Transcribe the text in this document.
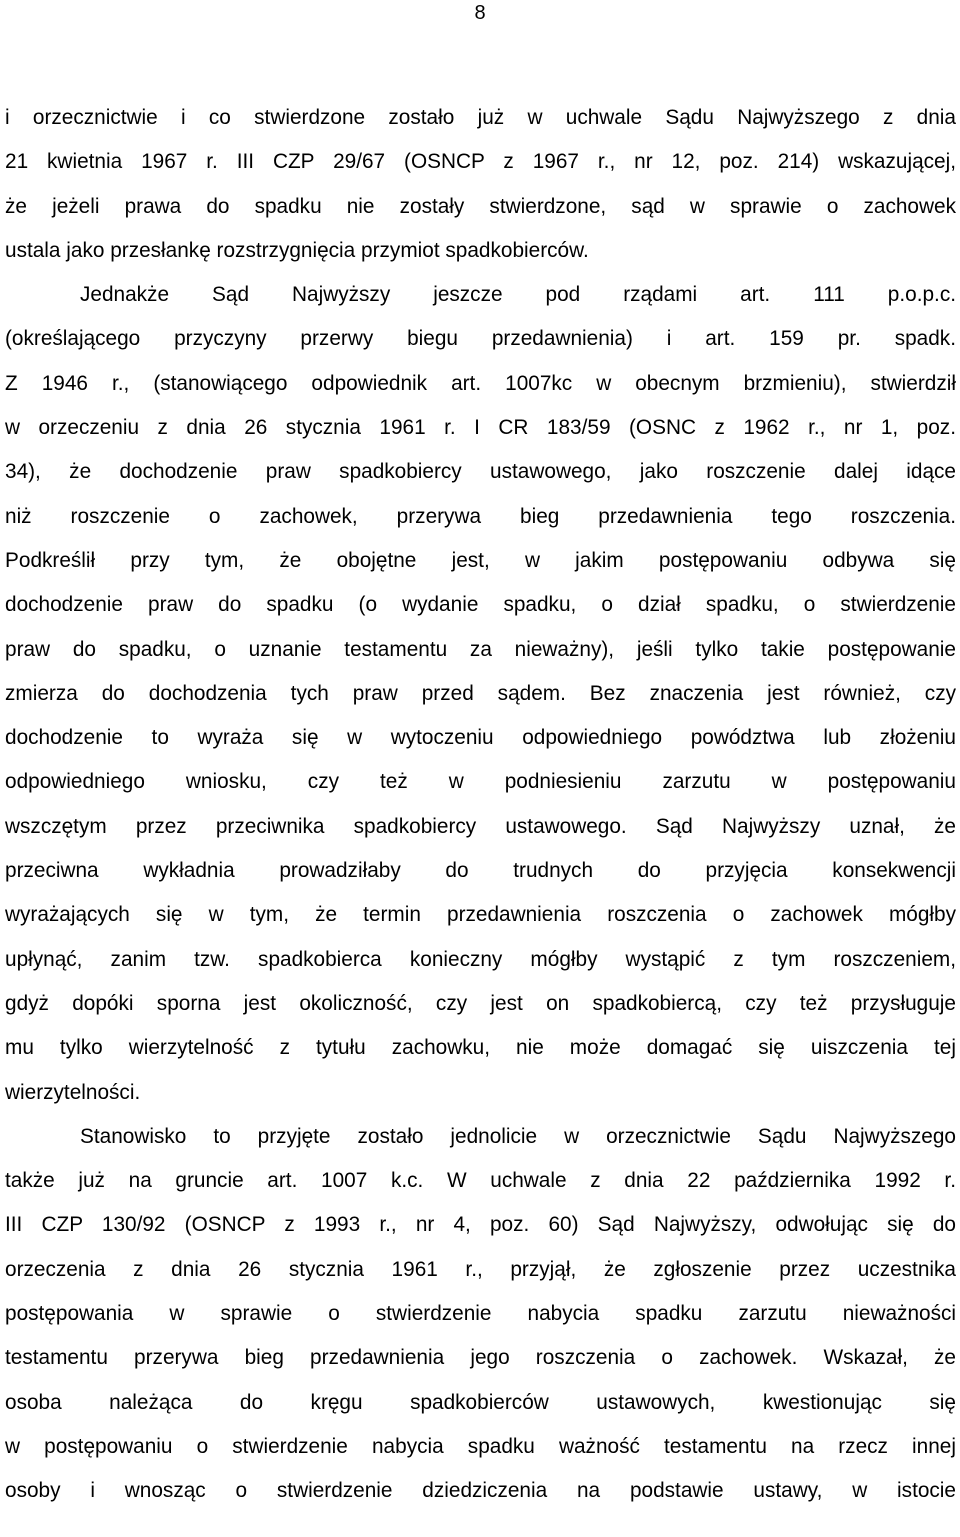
8
i orzecznictwie i co stwierdzone zostało już w uchwale Sądu Najwyższego z dnia
21 kwietnia 1967 r. III CZP 29/67 (OSNCP z 1967 r., nr 12, poz. 214) wskazującej,
że jeżeli prawa do spadku nie zostały stwierdzone, sąd w sprawie o zachowek
ustala jako przesłankę rozstrzygnięcia przymiot spadkobierców.
Jednakże Sąd Najwyższy jeszcze pod rządami art. 111 p.o.p.c.
(określającego przyczyny przerwy biegu przedawnienia) i art. 159 pr. spadk.
Z 1946 r., (stanowiącego odpowiednik art. 1007kc w obecnym brzmieniu), stwierdził
w orzeczeniu z dnia 26 stycznia 1961 r. I CR 183/59 (OSNC z 1962 r., nr 1, poz.
34), że dochodzenie praw spadkobiercy ustawowego, jako roszczenie dalej idące
niż roszczenie o zachowek, przerywa bieg przedawnienia tego roszczenia.
Podkreślił przy tym, że obojętne jest, w jakim postępowaniu odbywa się
dochodzenie praw do spadku (o wydanie spadku, o dział spadku, o stwierdzenie
praw do spadku, o uznanie testamentu za nieważny), jeśli tylko takie postępowanie
zmierza do dochodzenia tych praw przed sądem. Bez znaczenia jest również, czy
dochodzenie to wyraża się w wytoczeniu odpowiedniego powództwa lub złożeniu
odpowiedniego wniosku, czy też w podniesieniu zarzutu w postępowaniu
wszczętym przez przeciwnika spadkobiercy ustawowego. Sąd Najwyższy uznał, że
przeciwna wykładnia prowadziłaby do trudnych do przyjęcia konsekwencji
wyrażających się w tym, że termin przedawnienia roszczenia o zachowek mógłby
upłynąć, zanim tzw. spadkobierca konieczny mógłby wystąpić z tym roszczeniem,
gdyż dopóki sporna jest okoliczność, czy jest on spadkobiercą, czy też przysługuje
mu tylko wierzytelność z tytułu zachowku, nie może domagać się uiszczenia tej
wierzytelności.
Stanowisko to przyjęte zostało jednolicie w orzecznictwie Sądu Najwyższego
także już na gruncie art. 1007 k.c. W uchwale z dnia 22 października 1992 r.
III CZP 130/92 (OSNCP z 1993 r., nr 4, poz. 60) Sąd Najwyższy, odwołując się do
orzeczenia z dnia 26 stycznia 1961 r., przyjął, że zgłoszenie przez uczestnika
postępowania w sprawie o stwierdzenie nabycia spadku zarzutu nieważności
testamentu przerywa bieg przedawnienia jego roszczenia o zachowek. Wskazał, że
osoba należąca do kręgu spadkobierców ustawowych, kwestionując się
w postępowaniu o stwierdzenie nabycia spadku ważność testamentu na rzecz innej
osoby i wnosząc o stwierdzenie dziedziczenia na podstawie ustawy, w istocie
